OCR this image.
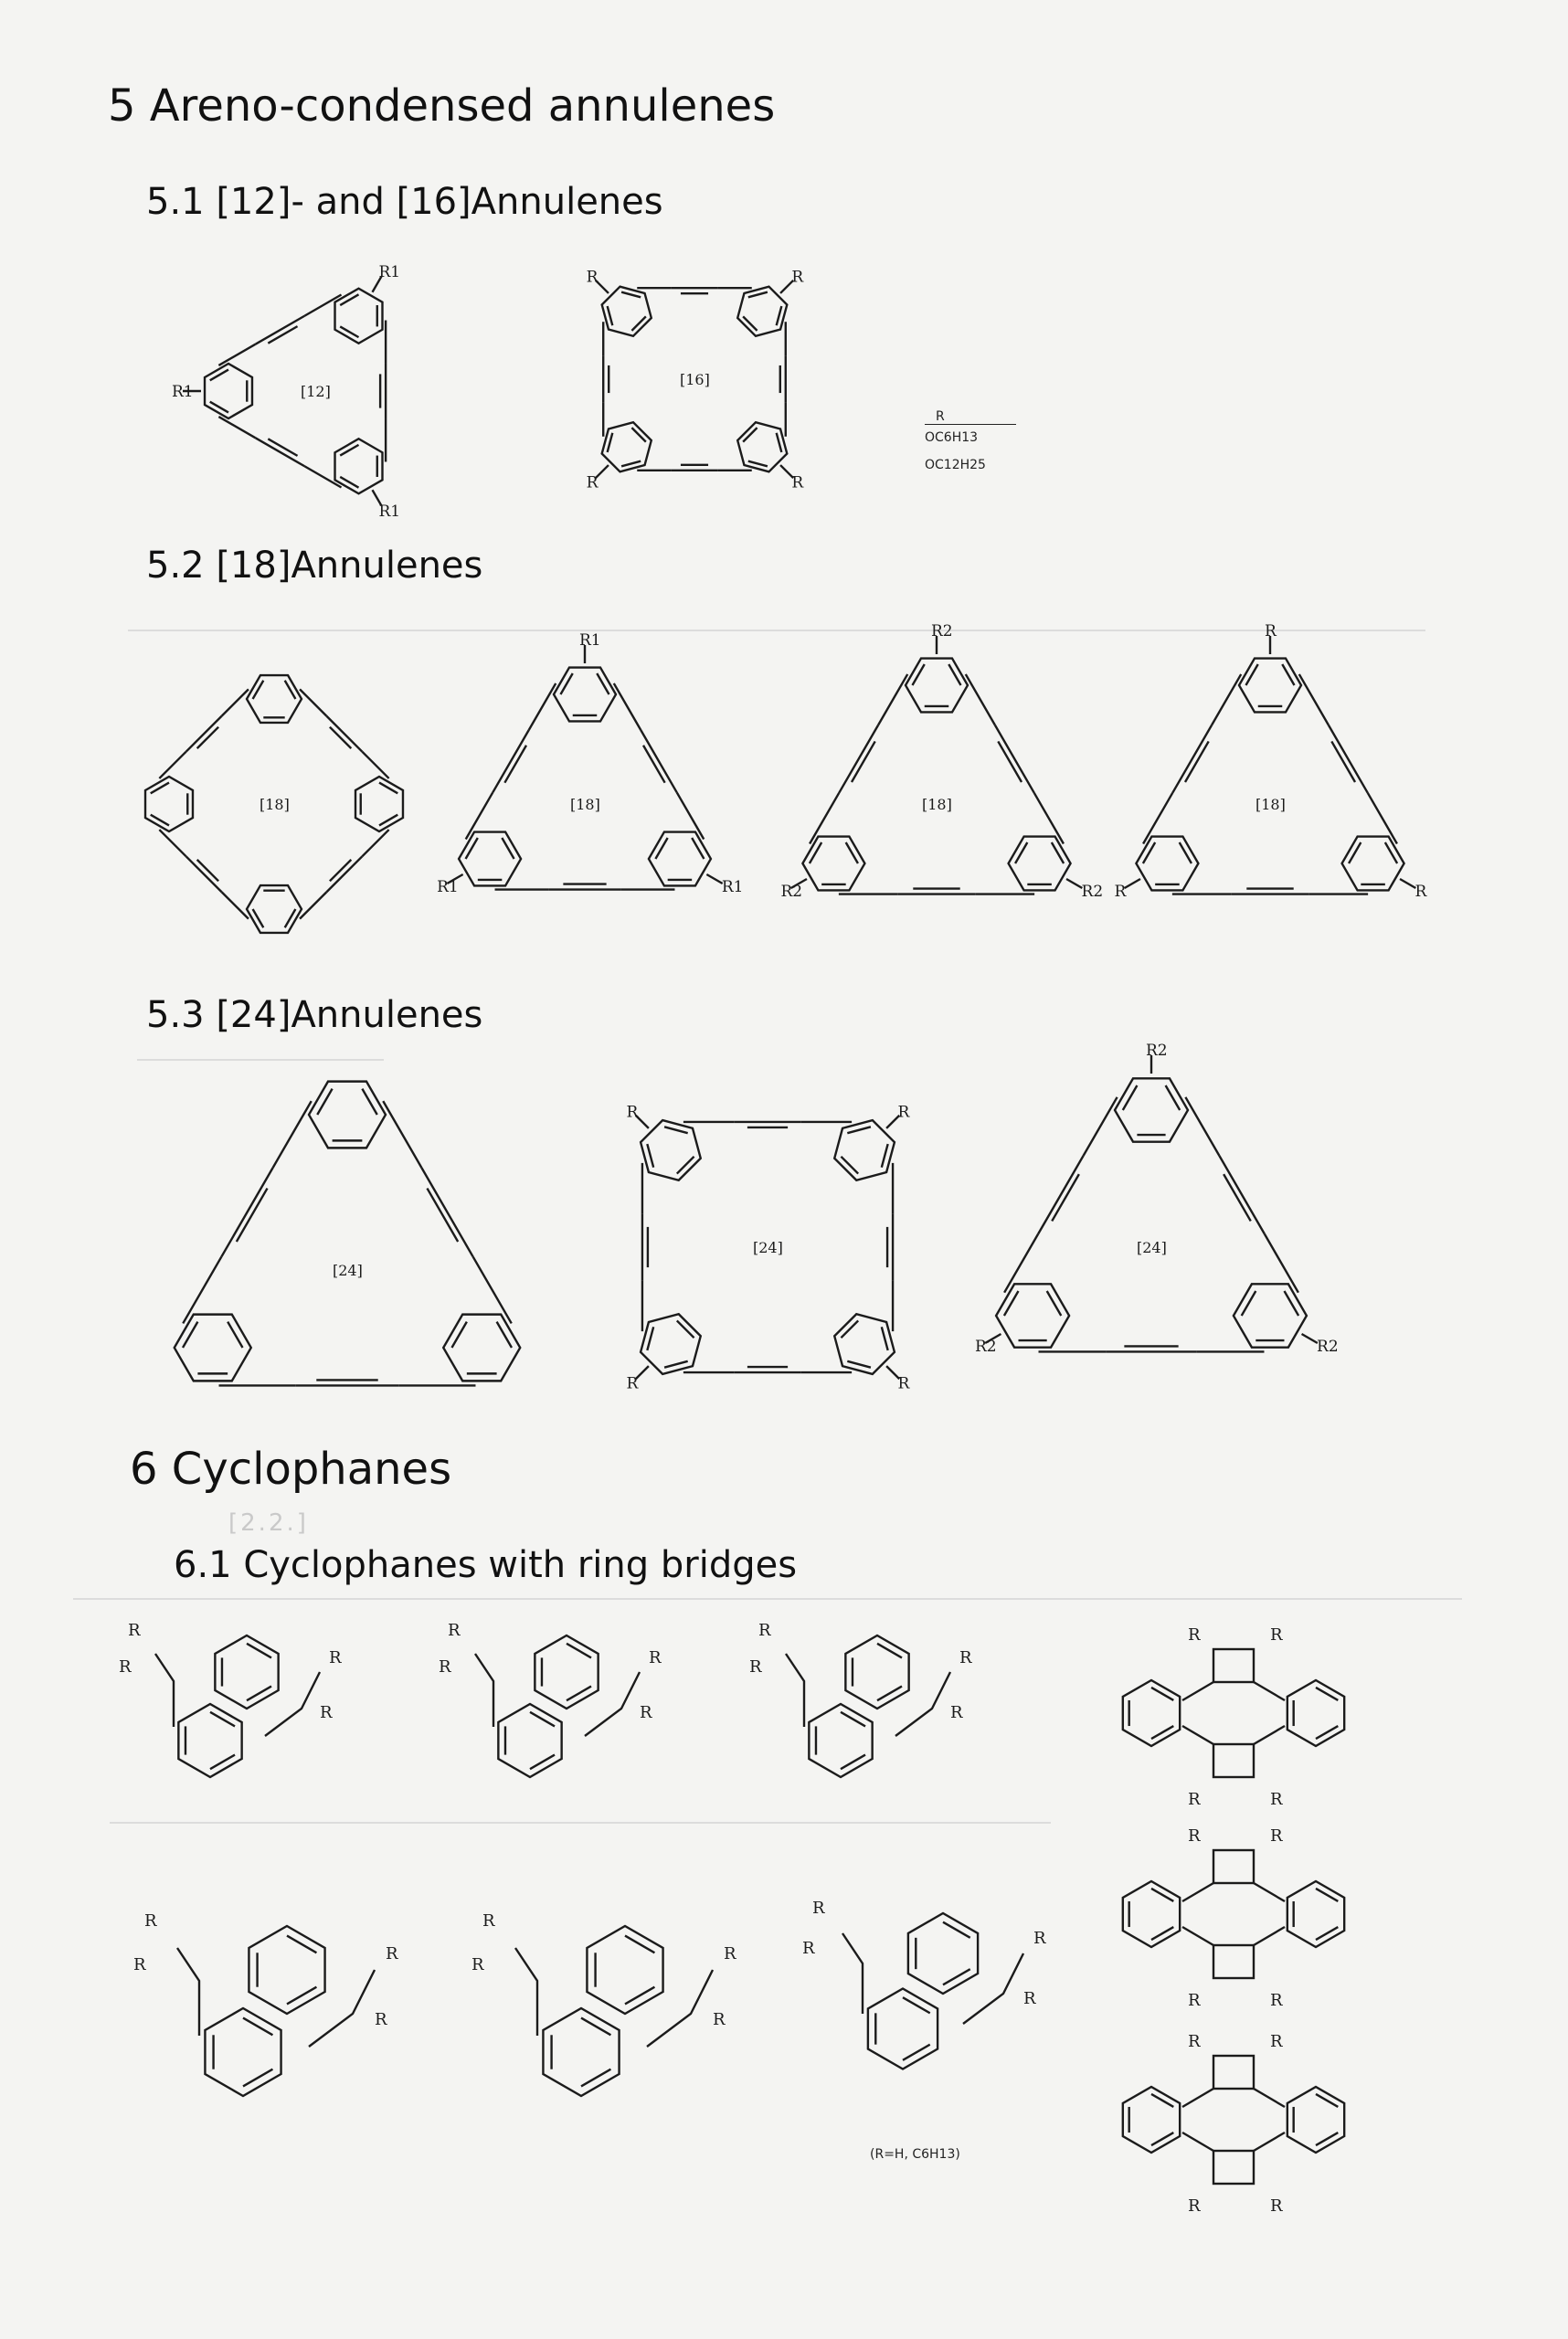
5 Areno-condensed annulenes
5.1 [12]- and [16]Annulenes
5.2 [18]Annulenes
5.3 [24]Annulenes
6 Cyclophanes
[2.2.]
6.1 Cyclophanes with ring bridges
R
OC6H13
OC12H25
(R=H, C6H13)
R1
R1
R1	[12]
R
R
R
R
[16]
[18]
R1
R1
R1
[18]
R2
R2
R2
[18]
R
R
R
[18]
[24]
R
R
R
R
[24]
R2
R2
R2
[24]
R
R	R
R
R
R	R
R
R
R	R
R
R
R
R
R
R
R
R
R
R
R
R
R
R	R
R	R
R	R
R	R
R	R
R	R
